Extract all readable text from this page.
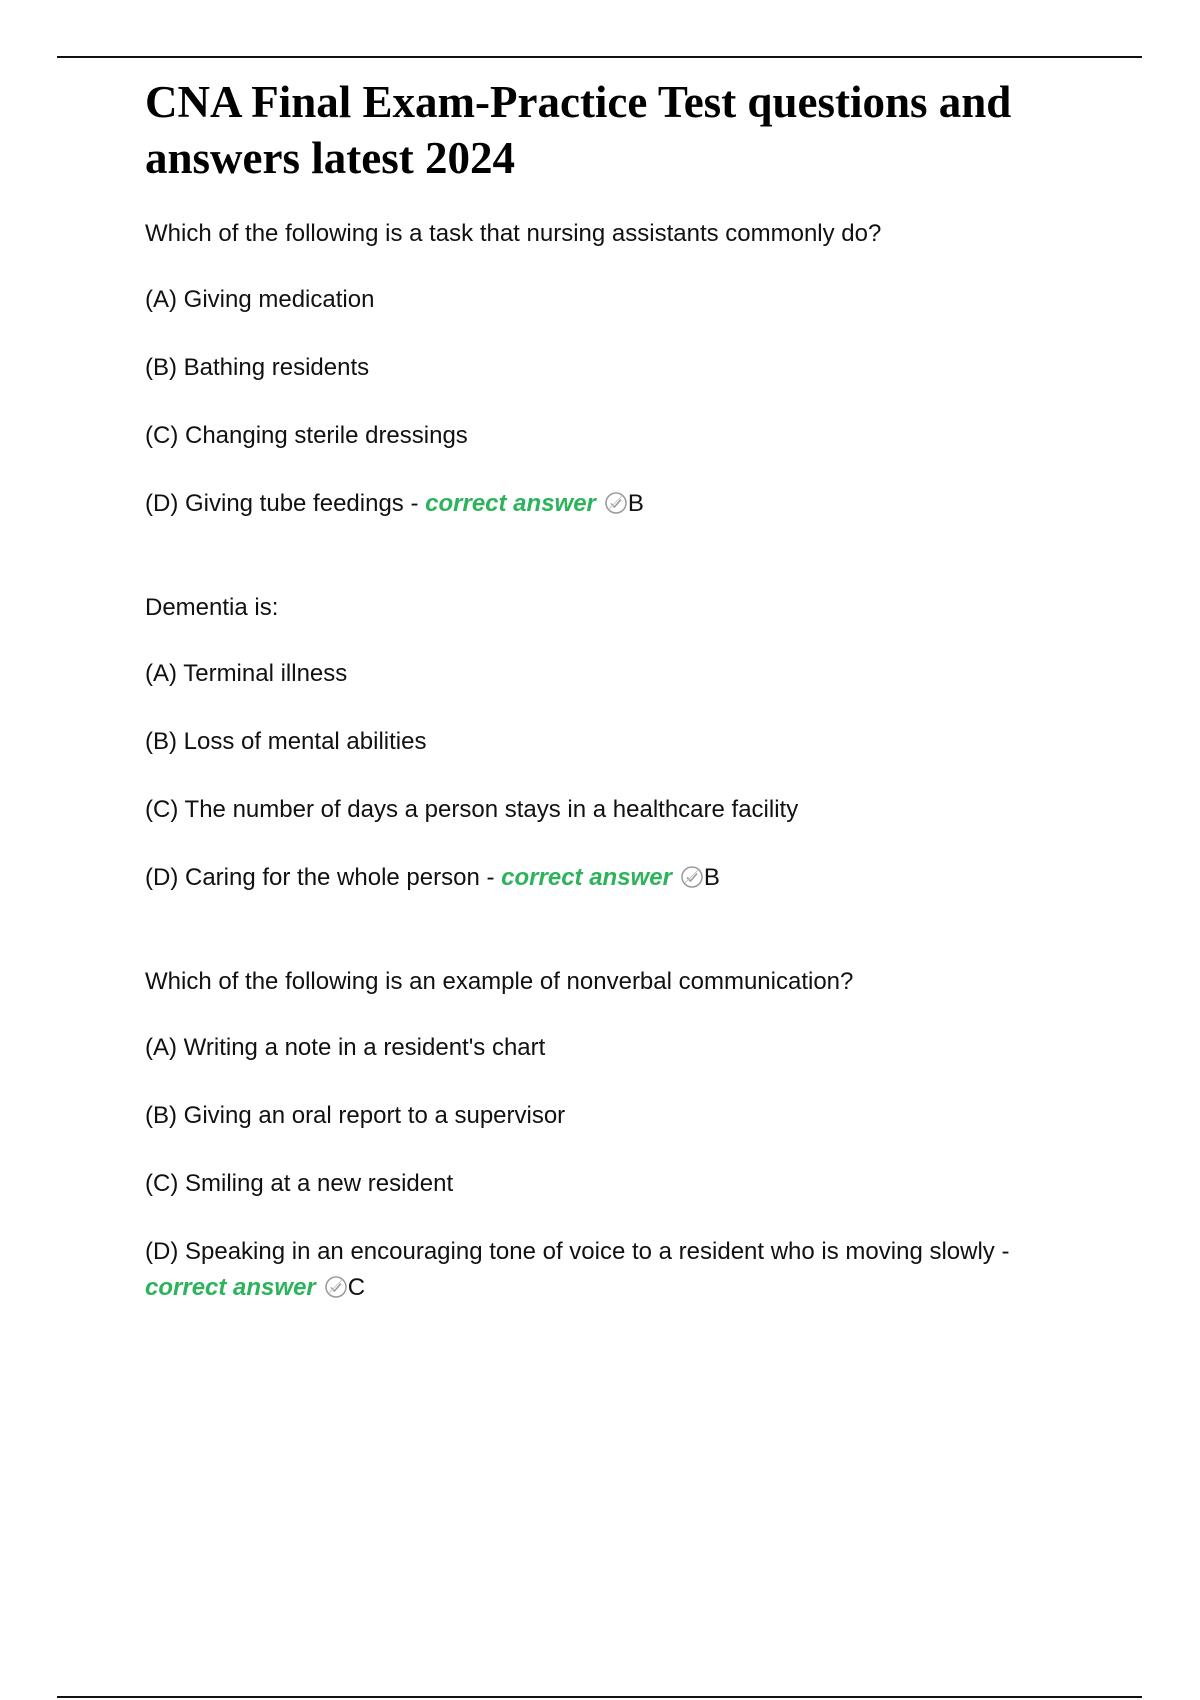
CNA Final Exam-Practice Test questions and answers latest 2024

Which of the following is a task that nursing assistants commonly do?

(A) Giving medication

(B) Bathing residents

(C) Changing sterile dressings

(D) Giving tube feedings - correct answer B

Dementia is:

(A) Terminal illness

(B) Loss of mental abilities

(C) The number of days a person stays in a healthcare facility

(D) Caring for the whole person - correct answer B

Which of the following is an example of nonverbal communication?

(A) Writing a note in a resident's chart

(B) Giving an oral report to a supervisor

(C) Smiling at a new resident

(D) Speaking in an encouraging tone of voice to a resident who is moving slowly -

correct answer C
